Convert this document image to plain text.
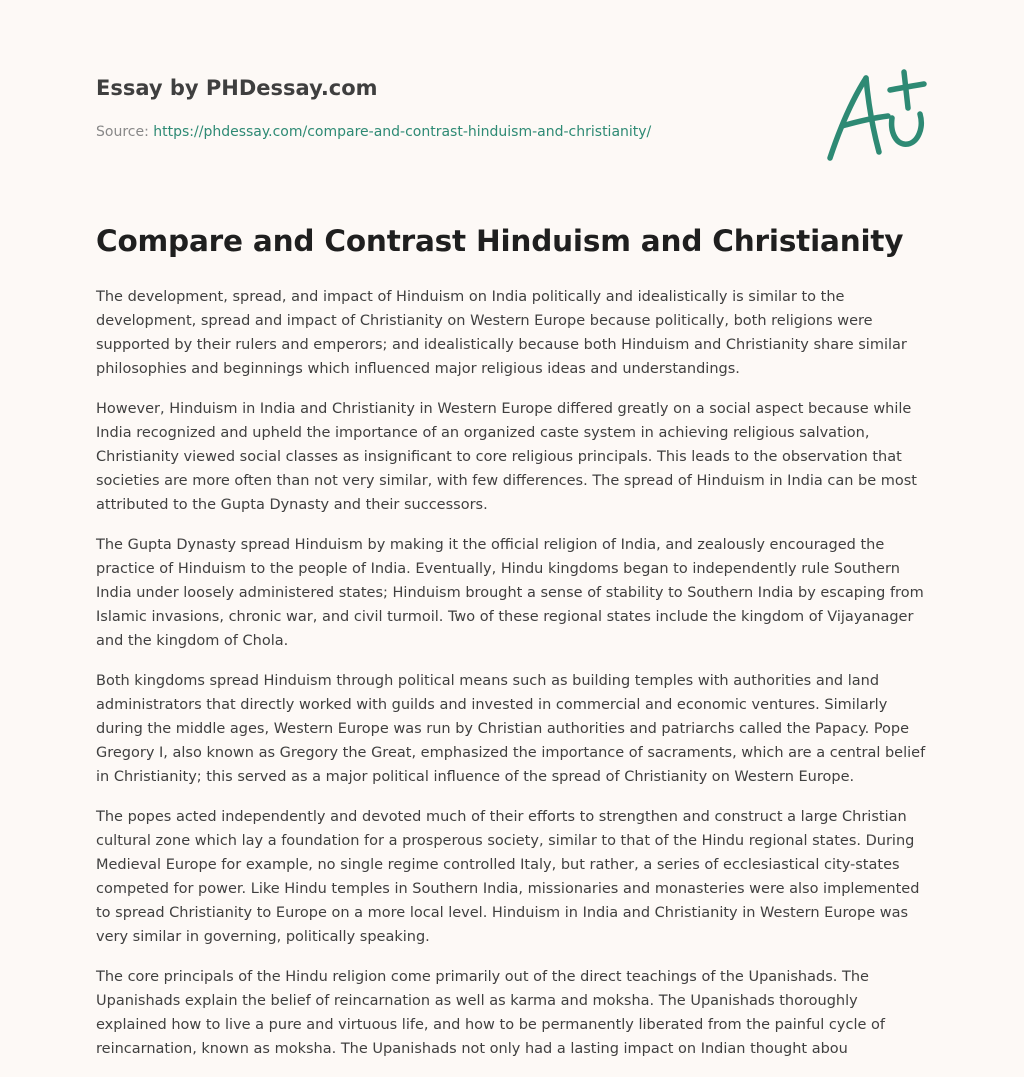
Essay by PHDessay.com

Source: https://phdessay.com/compare-and-contrast-hinduism-and-christianity/

Compare and Contrast Hinduism and Christianity

The development, spread, and impact of Hinduism on India politically and idealistically is similar to the development, spread and impact of Christianity on Western Europe because politically, both religions were supported by their rulers and emperors; and idealistically because both Hinduism and Christianity share similar philosophies and beginnings which influenced major religious ideas and understandings.

However, Hinduism in India and Christianity in Western Europe differed greatly on a social aspect because while India recognized and upheld the importance of an organized caste system in achieving religious salvation, Christianity viewed social classes as insignificant to core religious principals. This leads to the observation that societies are more often than not very similar, with few differences. The spread of Hinduism in India can be most attributed to the Gupta Dynasty and their successors.

The Gupta Dynasty spread Hinduism by making it the official religion of India, and zealously encouraged the practice of Hinduism to the people of India. Eventually, Hindu kingdoms began to independently rule Southern India under loosely administered states; Hinduism brought a sense of stability to Southern India by escaping from Islamic invasions, chronic war, and civil turmoil. Two of these regional states include the kingdom of Vijayanager and the kingdom of Chola.

Both kingdoms spread Hinduism through political means such as building temples with authorities and land administrators that directly worked with guilds and invested in commercial and economic ventures. Similarly during the middle ages, Western Europe was run by Christian authorities and patriarchs called the Papacy. Pope Gregory I, also known as Gregory the Great, emphasized the importance of sacraments, which are a central belief in Christianity; this served as a major political influence of the spread of Christianity on Western Europe.

The popes acted independently and devoted much of their efforts to strengthen and construct a large Christian cultural zone which lay a foundation for a prosperous society, similar to that of the Hindu regional states. During Medieval Europe for example, no single regime controlled Italy, but rather, a series of ecclesiastical city-states competed for power. Like Hindu temples in Southern India, missionaries and monasteries were also implemented to spread Christianity to Europe on a more local level. Hinduism in India and Christianity in Western Europe was very similar in governing, politically speaking.

The core principals of the Hindu religion come primarily out of the direct teachings of the Upanishads. The Upanishads explain the belief of reincarnation as well as karma and moksha. The Upanishads thoroughly explained how to live a pure and virtuous life, and how to be permanently liberated from the painful cycle of reincarnation, known as moksha. The Upanishads not only had a lasting impact on Indian thought abou
